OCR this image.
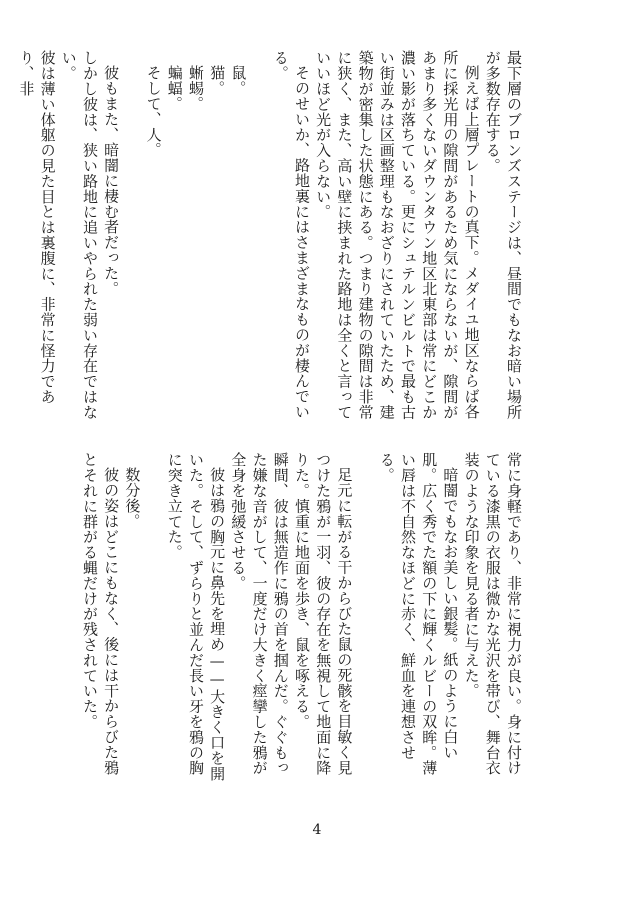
最下層のブロンズステージは、昼間でもなお暗い場所が多数存在する。

例えば上層プレートの真下。メダイユ地区ならば各所に採光用の隙間があるため気にならないが、隙間があまり多くないダウンタウン地区北東部は常にどこか濃い影が落ちている。更にシュテルンビルトで最も古い街並みは区画整理もなおざりにされていたため、建築物が密集した状態にある。つまり建物の隙間は非常に狭く、また、高い壁に挟まれた路地は全くと言っていいほど光が入らない。

そのせいか、路地裏にはさまざまなものが棲んでいる。

鼠。

猫。

蜥蜴。

蝙蝠。

そして、人。

彼もまた、暗闇に棲む者だった。

しかし彼は、狭い路地に追いやられた弱い存在ではない。

彼は薄い体躯の見た目とは裏腹に、非常に怪力であり、非

常に身軽であり、非常に視力が良い。身に付けている漆黒の衣服は微かな光沢を帯び、舞台衣装のような印象を見る者に与えた。

暗闇でもなお美しい銀髪。紙のように白い肌。広く秀でた額の下に輝くルビーの双眸。薄い唇は不自然なほどに赤く、鮮血を連想させる。

足元に転がる干からびた鼠の死骸を目敏く見つけた鴉が一羽、彼の存在を無視して地面に降りた。慎重に地面を歩き、鼠を啄える。

瞬間、彼は無造作に鴉の首を掴んだ。ぐぐもった嫌な音がして、一度だけ大きく痙攣した鴉が全身を弛緩させる。

彼は鴉の胸元に鼻先を埋め——大きく口を開いた。そして、ずらりと並んだ長い牙を鴉の胸に突き立てた。

数分後。

彼の姿はどこにもなく、後には干からびた鴉とそれに群がる蝿だけが残されていた。

4
